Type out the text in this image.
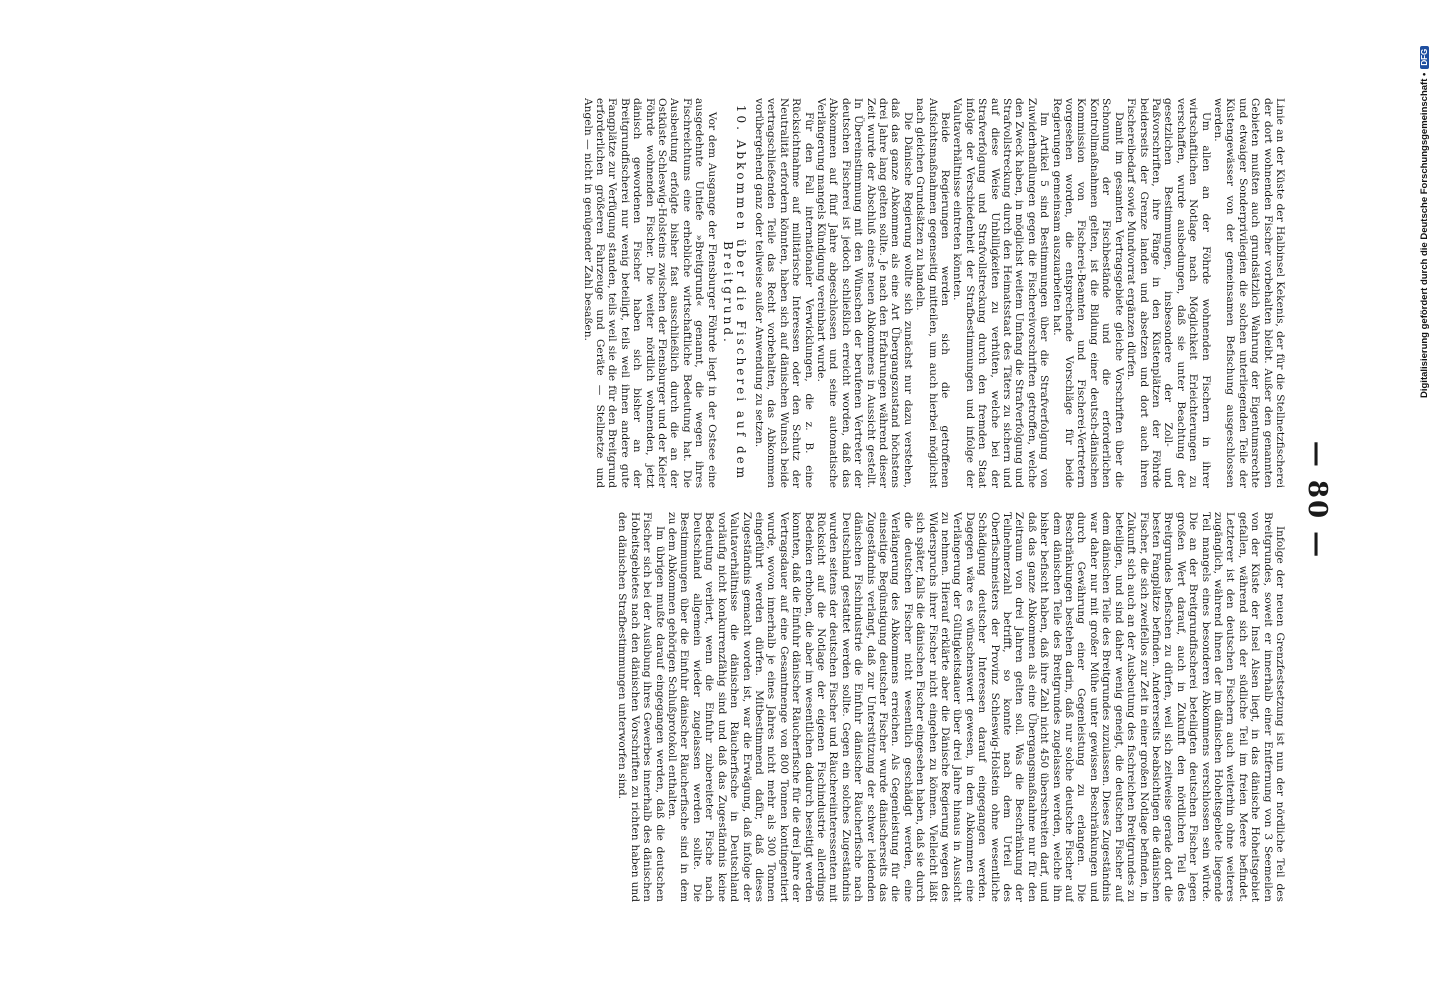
— 80 —

Linie an der Küste der Halbinsel Kekenis, der für die Stellnetzfischerei der dort wohnenden Fischer vorbehalten bleibt. Außer den genannten Gebieten mußten auch grundsätzlich Wahrung der Eigentumsrechte und etwaiger Sonderprivilegien die solchen unterliegenden Teile der Küstengewässer von der gemeinsamen Befischung ausgeschlossen werden.

Um allen an der Föhrde wohnenden Fischern in ihrer wirtschaftlichen Notlage nach Möglichkeit Erleichterungen zu verschaffen, wurde ausbedungen, daß sie unter Beachtung der gesetzlichen Bestimmungen, insbesondere der Zoll- und Paßvorschriften, ihre Fänge in den Küstenplätzen der Föhrde beiderseits der Grenze landen und absetzen und dort auch ihren Fischereibedarf sowie Mundvorrat ergänzen dürfen.

Damit im gesamten Vertragsgebiete gleiche Vorschriften über die Schonung der Fischbestände und die erforderlichen Kontrollmaßnahmen gelten, ist die Bildung einer deutsch-dänischen Kommission von Fischerei-Beamten und Fischerei-Vertretern vorgesehen worden, die entsprechende Vorschläge für beide Regierungen gemeinsam auszuarbeiten hat.

Im Artikel 5 sind Bestimmungen über die Strafverfolgung von Zuwiderhandlungen gegen die Fischereivorschriften getroffen, welche den Zweck haben, in möglichst weitem Umfang die Strafverfolgung und Strafvollstreckung durch den Heimatsstaat des Täters zu sichern und auf diese Weise Unbilligkeiten zu verhüten, welche bei der Strafverfolgung und Strafvollstreckung durch den fremden Staat infolge der Verschiedenheit der Strafbestimmungen und infolge der Valutaverhältnisse eintreten könnten.

Beide Regierungen werden sich die getroffenen Aufsichtsmaßnahmen gegenseitig mitteilen, um auch hierbei möglichst nach gleichen Grundsätzen zu handeln.

Die Dänische Regierung wollte sich zunächst nur dazu verstehen, daß das ganze Abkommen als eine Art Übergangszustand höchstens drei Jahre lang gelten sollte. Je nach den Erfahrungen während dieser Zeit wurde der Abschluß eines neuen Abkommens in Aussicht gestellt. In Übereinstimmung mit den Wünschen der berufenen Vertreter der deutschen Fischerei ist jedoch schließlich erreicht worden, daß das Abkommen auf fünf Jahre abgeschlossen und seine automatische Verlängerung mangels Kündigung vereinbart wurde.

Für den Fall internationaler Verwicklungen, die z. B. eine Rücksichtnahme auf militärische Interessen oder den Schutz der Neutralität erfordern könnten, haben sich auf dänischen Wunsch beide vertragschließenden Teile das Recht vorbehalten, das Abkommen vorübergehend ganz oder teilweise außer Anwendung zu setzen.

10. Abkommen über die Fischerei auf dem Breitgrund.

Vor dem Ausgange der Flensburger Föhrde liegt in der Ostsee eine ausgedehnte Untiefe »Breitgrund« genannt, die wegen ihres Fischreichtums eine erhebliche wirtschaftliche Bedeutung hat. Die Ausbeutung erfolgte bisher fast ausschließlich durch die an der Ostküste Schleswig-Holsteins zwischen der Flensburger und der Kieler Föhrde wohnenden Fischer. Die weiter nördlich wohnenden, jetzt dänisch gewordenen Fischer haben sich bisher an der Breitgrundfischerei nur wenig beteiligt, teils weil ihnen andere gute Fangplätze zur Verfügung standen, teils weil sie die für den Breitgrund erforderlichen größeren Fahrzeuge und Geräte — Stellnetze und Angeln — nicht in genügender Zahl besaßen.

Infolge der neuen Grenzfestsetzung ist nun der nördliche Teil des Breitgrundes, soweit er innerhalb einer Entfernung von 3 Seemeilen von der Küste der Insel Alsen liegt, in das dänische Hoheitsgebiet gefallen, während sich der südliche Teil im freien Meere befindet. Letzterer ist den deutschen Fischern auch weiterhin ohne weiteres zugänglich, während ihnen der im dänischen Hoheitsgebiete liegende Teil mangels eines besonderen Abkommens verschlossen sein würde. Die an der Breitgrundfischerei beteiligten deutschen Fischer legen großen Wert darauf, auch in Zukunft den nördlichen Teil des Breitgrundes befischen zu dürfen, weil sich zeitweise gerade dort die besten Fangplätze befinden. Andererseits beabsichtigen die dänischen Fischer, die sich zweifellos zur Zeit in einer großen Notlage befinden, in Zukunft sich auch an der Ausbeutung des fischreichen Breitgrundes zu beteiligen, und sind daher wenig geneigt, die deutschen Fischer auf dem dänischen Teile des Breitgrundes zuzulassen. Dieses Zugeständnis war daher nur mit großer Mühe unter gewissen Beschränkungen und durch Gewährung einer Gegenleistung zu erlangen. Die Beschränkungen bestehen darin, daß nur solche deutsche Fischer auf dem dänischen Teile des Breitgrundes zugelassen werden, welche ihn bisher befischt haben, daß ihre Zahl nicht 450 überschreiten darf, und daß das ganze Abkommen als eine Übergangsmaßnahme nur für den Zeitraum von drei Jahren gelten soll. Was die Beschränkung der Teilnehmerzahl betrifft, so konnte nach dem Urteil des Oberfischmeisters der Provinz Schleswig-Holstein ohne wesentliche Schädigung deutscher Interessen darauf eingegangen werden. Dagegen wäre es wünschenswert gewesen, in dem Abkommen eine Verlängerung der Gültigkeitsdauer über drei Jahre hinaus in Aussicht zu nehmen. Hierauf erklärte aber die Dänische Regierung wegen des Widerspruchs ihrer Fischer nicht eingehen zu können. Vielleicht läßt sich später, falls die dänischen Fischer eingesehen haben, daß sie durch die deutschen Fischer nicht wesentlich geschädigt werden, eine Verlängerung des Abkommens erreichen. Als Gegenleistung für die einseitige Begünstigung deutscher Fischer wurde dänischerseits das Zugeständnis verlangt, daß zur Unterstützung der schwer leidenden dänischen Fischindustrie die Einfuhr dänischer Räucherfische nach Deutschland gestattet werden sollte. Gegen ein solches Zugeständnis wurden seitens der deutschen Fischer und Räuchereiinteressenten mit Rücksicht auf die Notlage der eigenen Fischindustrie allerdings Bedenken erhoben, die aber im wesentlichen dadurch beseitigt werden konnten, daß die Einfuhr dänischer Räucherfische für die drei Jahre der Vertragsdauer auf eine Gesamtmenge von 800 Tonnen kontingentiert wurde, wovon innerhalb je eines Jahres nicht mehr als 300 Tonnen eingeführt werden dürfen. Mitbestimmend dafür, daß dieses Zugeständnis gemacht worden ist, war die Erwägung, daß infolge der Valutaverhältnisse die dänischen Räucherfische in Deutschland vorläufig nicht konkurrenzfähig sind und daß das Zugeständnis keine Bedeutung verliert, wenn die Einfuhr zubereiteter Fische nach Deutschland allgemein wieder zugelassen werden sollte. Die Bestimmungen über die Einfuhr dänischer Räucherfische sind in dem zu dem Abkommen gehörigen Schlußprotokoll enthalten.

Im übrigen mußte darauf eingegangen werden, daß die deutschen Fischer sich bei der Ausübung ihres Gewerbes innerhalb des dänischen Hoheitsgebietes nach den dänischen Vorschriften zu richten haben und den dänischen Strafbestimmungen unterworfen sind.

Digitalisierung gefördert durch die Deutsche Forschungsgemeinschaft •DFG
